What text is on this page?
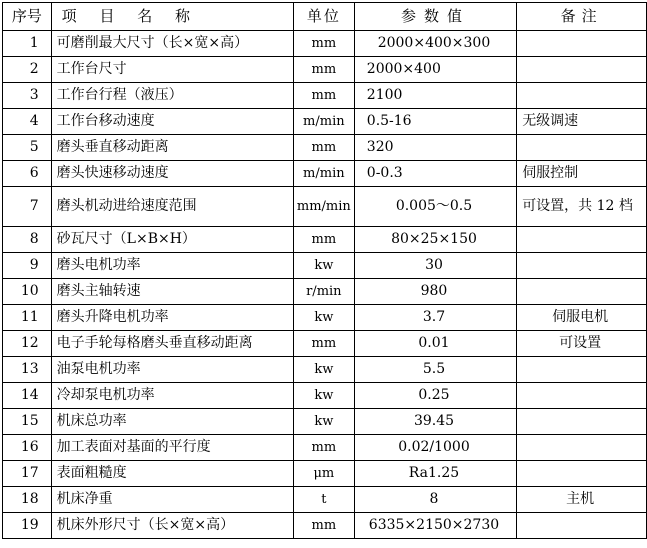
序号	项 目 名 称	单位	参数值	备注
1	可磨削最大尺寸（长×宽×高）	mm	2000×400×300	
2	工作台尺寸	mm	2000×400	
3	工作台行程（液压）	mm	2100	
4	工作台移动速度	m/min	0.5-16	无级调速
5	磨头垂直移动距离	mm	320	
6	磨头快速移动速度	m/min	0-0.3	伺服控制
7	磨头机动进给速度范围	mm/min	0.005～0.5	可设置，共 12 档
8	砂瓦尺寸（L×B×H）	mm	80×25×150	
9	磨头电机功率	kw	30	
10	磨头主轴转速	r/min	980	
11	磨头升降电机功率	kw	3.7	伺服电机
12	电子手轮每格磨头垂直移动距离	mm	0.01	可设置
13	油泵电机功率	kw	5.5	
14	冷却泵电机功率	kw	0.25	
15	机床总功率	kw	39.45	
16	加工表面对基面的平行度	mm	0.02/1000	
17	表面粗糙度	μm	Ra1.25	
18	机床净重	t	8	主机
19	机床外形尺寸（长×宽×高）	mm	6335×2150×2730	
